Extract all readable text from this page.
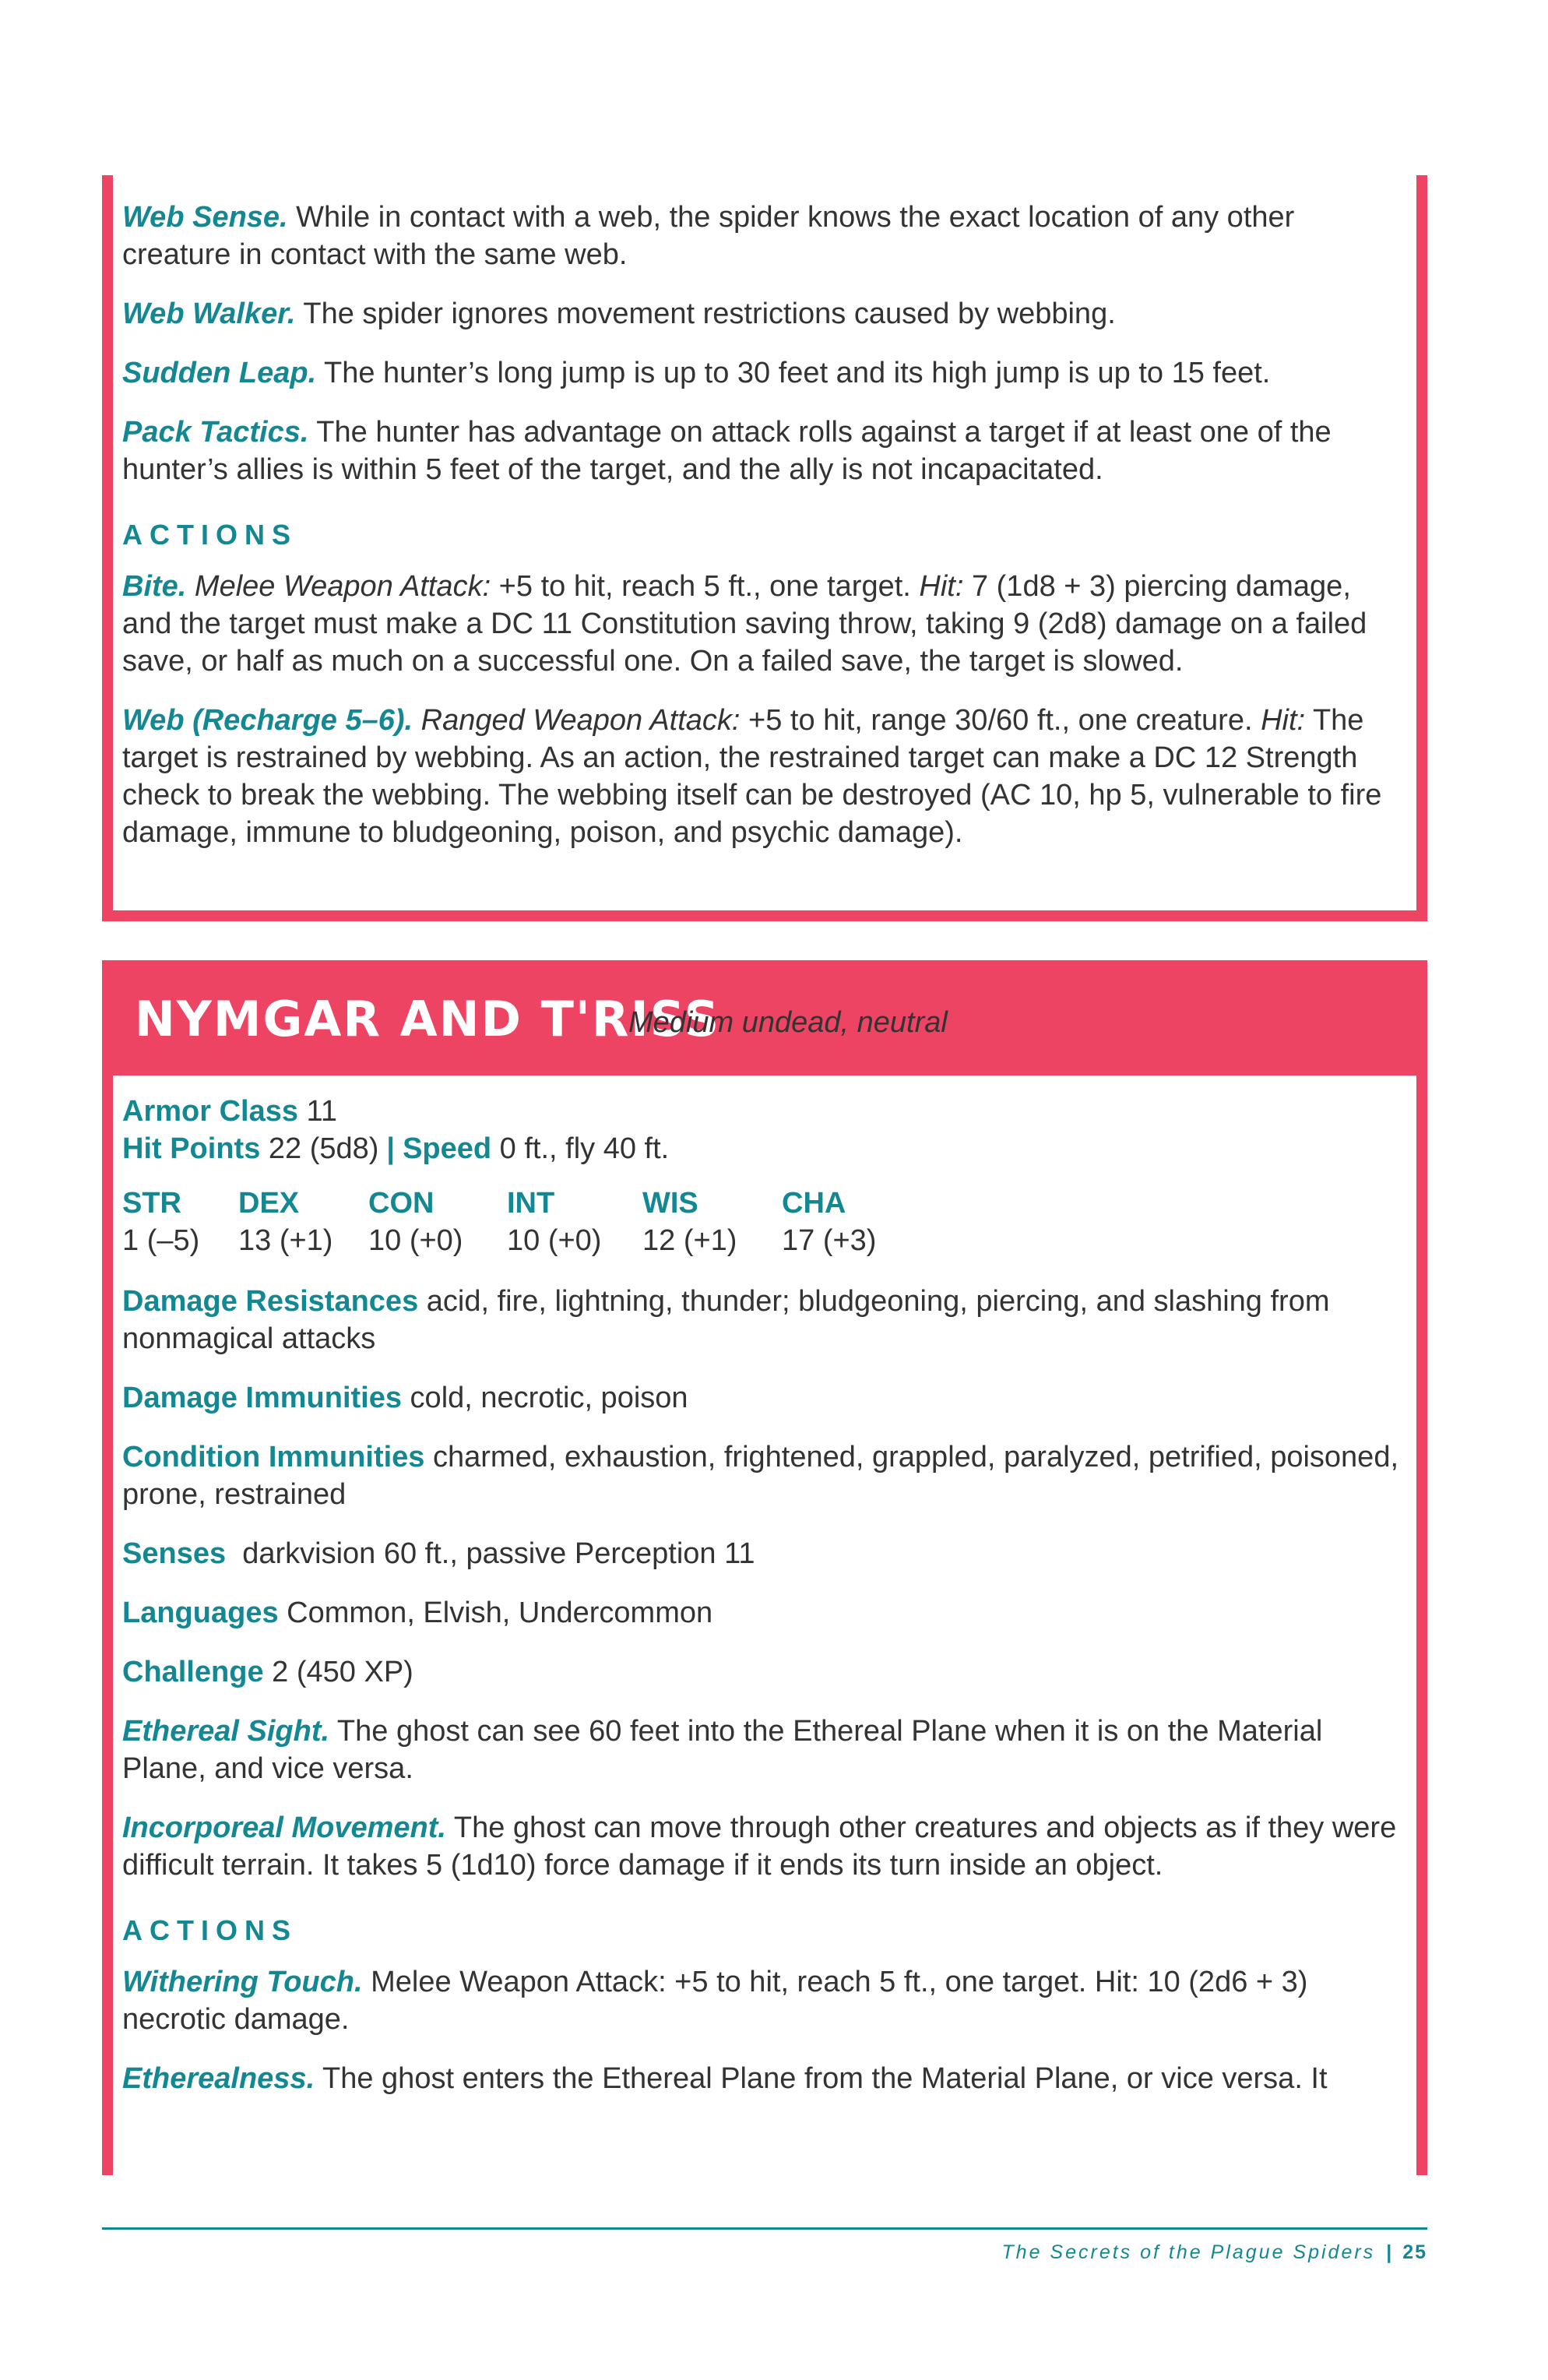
Web Sense. While in contact with a web, the spider knows the exact location of any other creature in contact with the same web.

Web Walker. The spider ignores movement restrictions caused by webbing.

Sudden Leap. The hunter’s long jump is up to 30 feet and its high jump is up to 15 feet.

Pack Tactics. The hunter has advantage on attack rolls against a target if at least one of the hunter’s allies is within 5 feet of the target, and the ally is not incapacitated.

ACTIONS

Bite. Melee Weapon Attack: +5 to hit, reach 5 ft., one target. Hit: 7 (1d8 + 3) piercing damage, and the target must make a DC 11 Constitution saving throw, taking 9 (2d8) damage on a failed save, or half as much on a successful one. On a failed save, the target is slowed.

Web (Recharge 5–6). Ranged Weapon Attack: +5 to hit, range 30/60 ft., one creature. Hit: The target is restrained by webbing. As an action, the restrained target can make a DC 12 Strength check to break the webbing. The webbing itself can be destroyed (AC 10, hp 5, vulnerable to fire damage, immune to bludgeoning, poison, and psychic damage).

NYMGAR AND T'RISS
Medium undead, neutral

Armor Class 11

Hit Points 22 (5d8) | Speed 0 ft., fly 40 ft.

STR
1 (–5)
DEX
13 (+1)
CON
10 (+0)
INT
10 (+0)
WIS
12 (+1)
CHA
17 (+3)

Damage Resistances acid, fire, lightning, thunder; bludgeoning, piercing, and slashing from nonmagical attacks

Damage Immunities cold, necrotic, poison

Condition Immunities charmed, exhaustion, frightened, grappled, paralyzed, petrified, poisoned, prone, restrained

Senses  darkvision 60 ft., passive Perception 11

Languages Common, Elvish, Undercommon

Challenge 2 (450 XP)

Ethereal Sight. The ghost can see 60 feet into the Ethereal Plane when it is on the Material Plane, and vice versa.

Incorporeal Movement. The ghost can move through other creatures and objects as if they were difficult terrain. It takes 5 (1d10) force damage if it ends its turn inside an object.

ACTIONS

Withering Touch. Melee Weapon Attack: +5 to hit, reach 5 ft., one target. Hit: 10 (2d6 + 3) necrotic damage.

Etherealness. The ghost enters the Ethereal Plane from the Material Plane, or vice versa. It

The Secrets of the Plague Spiders | 25
